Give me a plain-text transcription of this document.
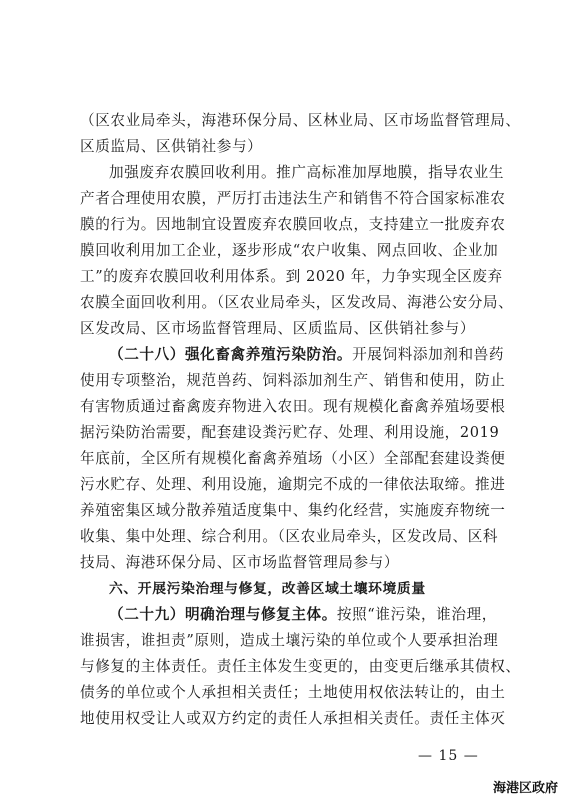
（区农业局牵头，海港环保分局、区林业局、区市场监督管理局、
区质监局、区供销社参与）
加强废弃农膜回收利用。推广高标准加厚地膜，指导农业生
产者合理使用农膜，严厉打击违法生产和销售不符合国家标准农
膜的行为。因地制宜设置废弃农膜回收点，支持建立一批废弃农
膜回收利用加工企业，逐步形成“农户收集、网点回收、企业加
工”的废弃农膜回收利用体系。到 2020 年，力争实现全区废弃
农膜全面回收利用。（区农业局牵头，区发改局、海港公安分局、
区发改局、区市场监督管理局、区质监局、区供销社参与）
（二十八）强化畜禽养殖污染防治。开展饲料添加剂和兽药
使用专项整治，规范兽药、饲料添加剂生产、销售和使用，防止
有害物质通过畜禽废弃物进入农田。现有规模化畜禽养殖场要根
据污染防治需要，配套建设粪污贮存、处理、利用设施，2019
年底前，全区所有规模化畜禽养殖场（小区）全部配套建设粪便
污水贮存、处理、利用设施，逾期完不成的一律依法取缔。推进
养殖密集区域分散养殖适度集中、集约化经营，实施废弃物统一
收集、集中处理、综合利用。（区农业局牵头，区发改局、区科
技局、海港环保分局、区市场监督管理局参与）
六、开展污染治理与修复，改善区域土壤环境质量
（二十九）明确治理与修复主体。按照“谁污染，谁治理，
谁损害，谁担责”原则，造成土壤污染的单位或个人要承担治理
与修复的主体责任。责任主体发生变更的，由变更后继承其债权、
债务的单位或个人承担相关责任；土地使用权依法转让的，由土
地使用权受让人或双方约定的责任人承担相关责任。责任主体灭
— 15 —
海港区政府
